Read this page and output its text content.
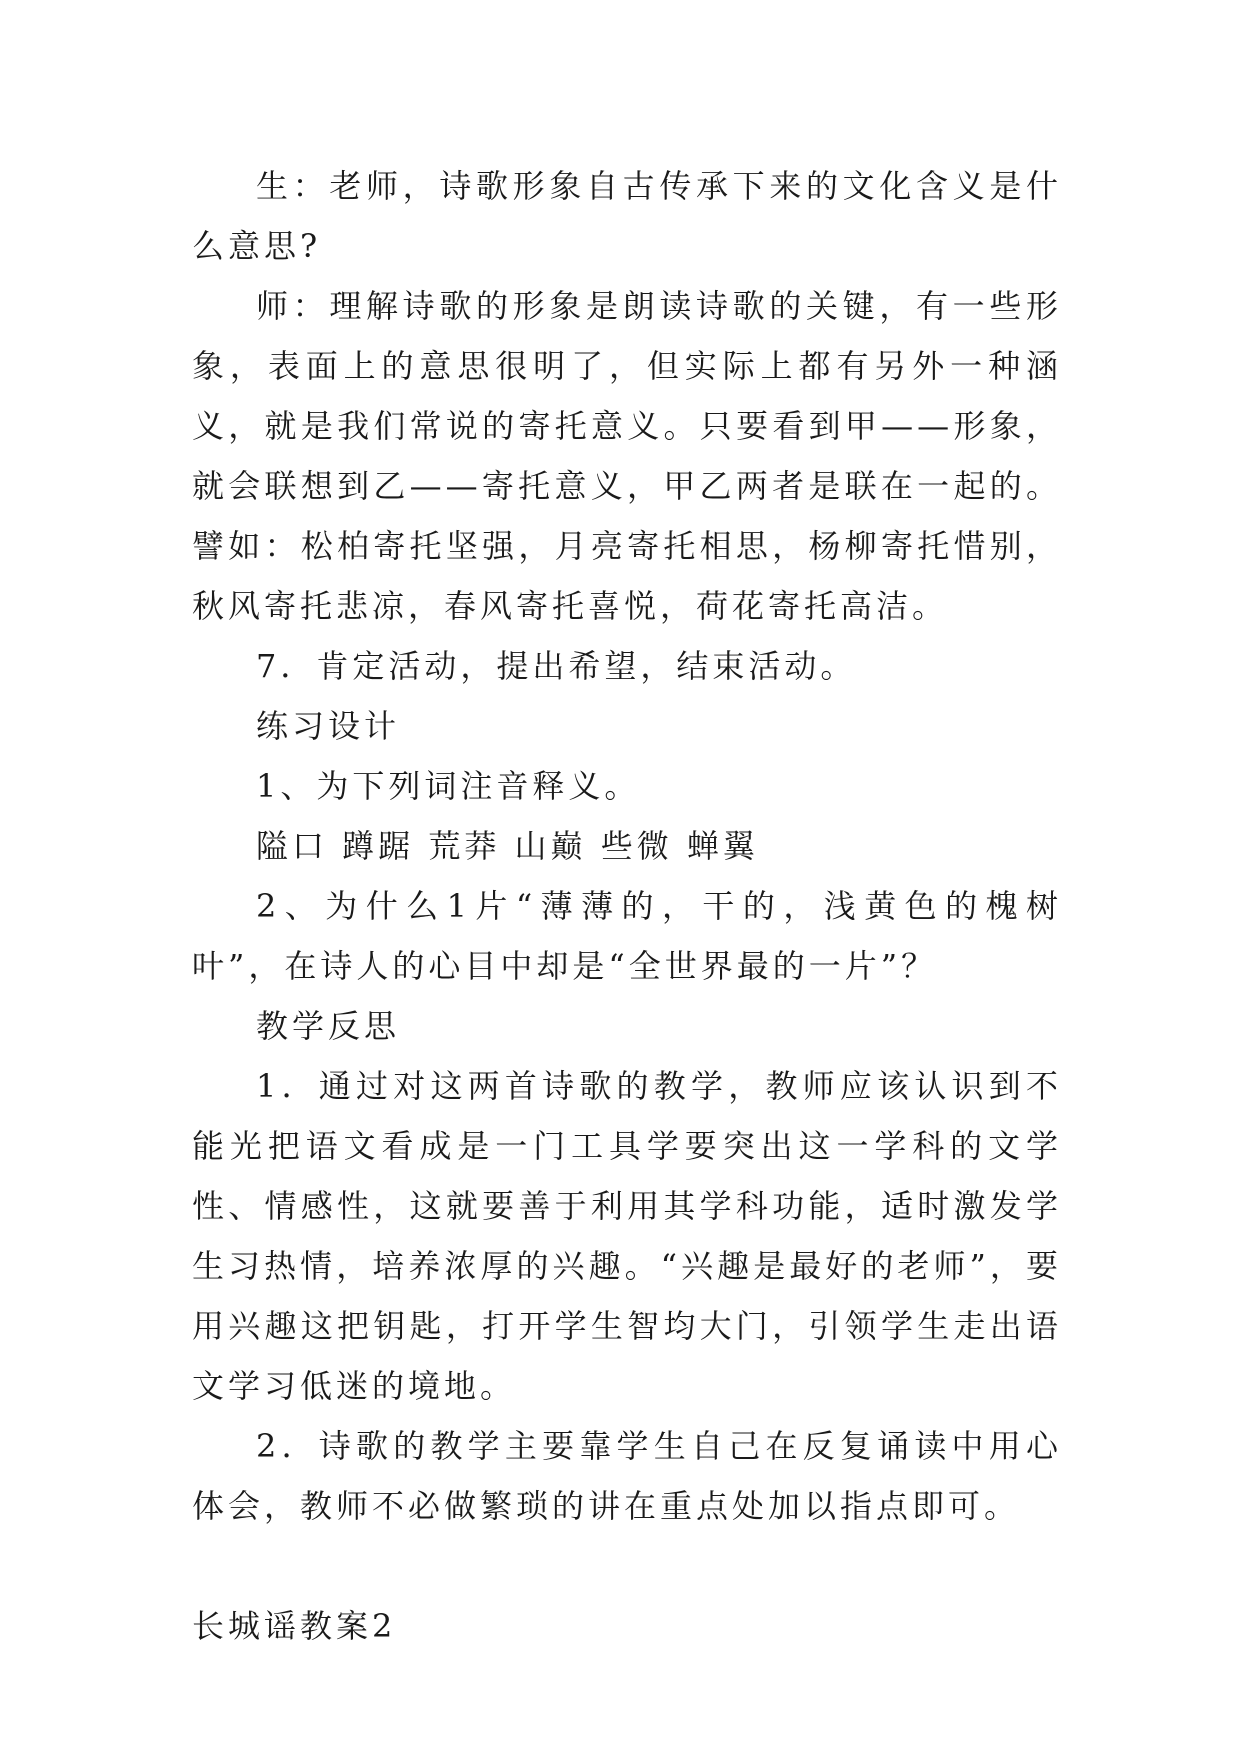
生：老师，诗歌形象自古传承下来的文化含义是什么意思?

师：理解诗歌的形象是朗读诗歌的关键，有一些形象，表面上的意思很明了，但实际上都有另外一种涵义，就是我们常说的寄托意义。只要看到甲——形象，就会联想到乙——寄托意义，甲乙两者是联在一起的。譬如：松柏寄托坚强，月亮寄托相思，杨柳寄托惜别，秋风寄托悲凉，春风寄托喜悦，荷花寄托高洁。

7．肯定活动，提出希望，结束活动。

练习设计

1、为下列词注音释义。

隘口 蹲踞 荒莽 山巅 些微 蝉翼

2、为什么1片“薄薄的，干的，浅黄色的槐树叶”，在诗人的心目中却是“全世界最的一片”？

教学反思

1．通过对这两首诗歌的教学，教师应该认识到不能光把语文看成是一门工具学要突出这一学科的文学性、情感性，这就要善于利用其学科功能，适时激发学生习热情，培养浓厚的兴趣。“兴趣是最好的老师”，要用兴趣这把钥匙，打开学生智均大门，引领学生走出语文学习低迷的境地。

2．诗歌的教学主要靠学生自己在反复诵读中用心体会，教师不必做繁琐的讲在重点处加以指点即可。

长城谣教案2
